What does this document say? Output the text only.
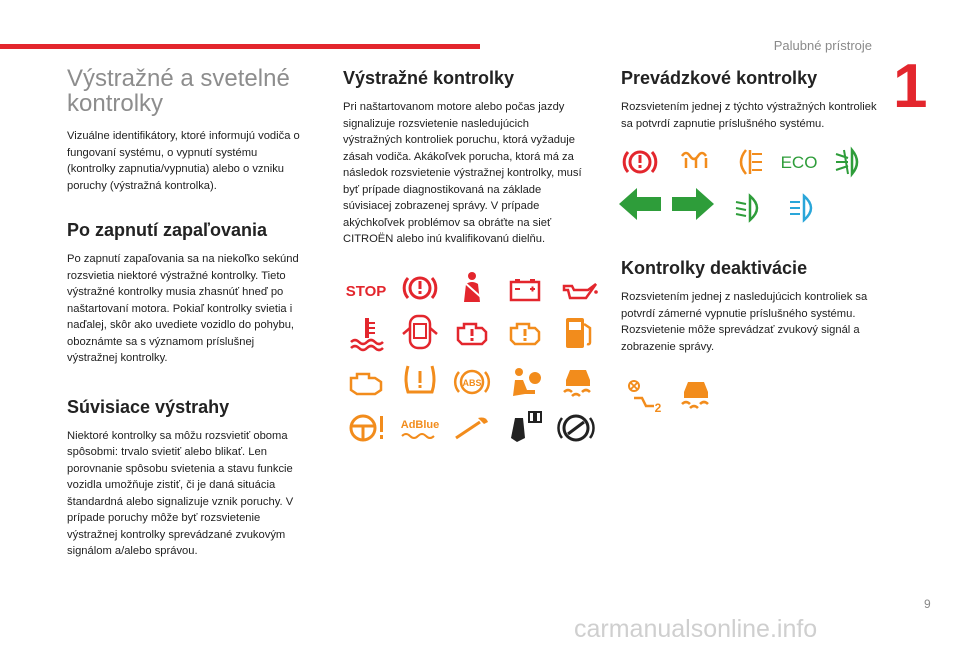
Palubné prístroje
1
Výstražné a svetelné kontrolky

Vizuálne identifikátory, ktoré informujú vodiča o fungovaní systému, o vypnutí systému (kontrolky zapnutia/vypnutia) alebo o vzniku poruchy (výstražná kontrolka).

Po zapnutí zapaľovania

Po zapnutí zapaľovania sa na niekoľko sekúnd rozsvietia niektoré výstražné kontrolky. Tieto výstražné kontrolky musia zhasnúť hneď po naštartovaní motora. Pokiaľ kontrolky svietia i naďalej, skôr ako uvediete vozidlo do pohybu, oboznámte sa s významom príslušnej výstražnej kontrolky.

Súvisiace výstrahy

Niektoré kontrolky sa môžu rozsvietiť oboma spôsobmi: trvalo svietiť alebo blikať. Len porovnanie spôsobu svietenia a stavu funkcie vozidla umožňuje zistiť, či je daná situácia štandardná alebo signalizuje vznik poruchy. V prípade poruchy môže byť rozsvietenie výstražnej kontrolky sprevádzané zvukovým signálom a/alebo správou.

Výstražné kontrolky

Pri naštartovanom motore alebo počas jazdy signalizuje rozsvietenie nasledujúcich výstražných kontroliek poruchu, ktorá vyžaduje zásah vodiča. Akákoľvek porucha, ktorá má za následok rozsvietenie výstražnej kontrolky, musí byť prípade diagnostikovaná na základe súvisiacej zobrazenej správy. V prípade akýchkoľvek problémov sa obráťte na sieť CITROËN alebo inú kvalifikovanú dielňu.

STOP
ABS
AdBlue
Prevádzkové kontrolky

Rozsvietením jednej z týchto výstražných kontroliek sa potvrdí zapnutie príslušného systému.

ECO
Kontrolky deaktivácie

Rozsvietením jednej z nasledujúcich kontroliek sa potvrdí zámerné vypnutie príslušného systému. Rozsvietenie môže sprevádzať zvukový signál a zobrazenie správy.

2
9
carmanualsonline.info
